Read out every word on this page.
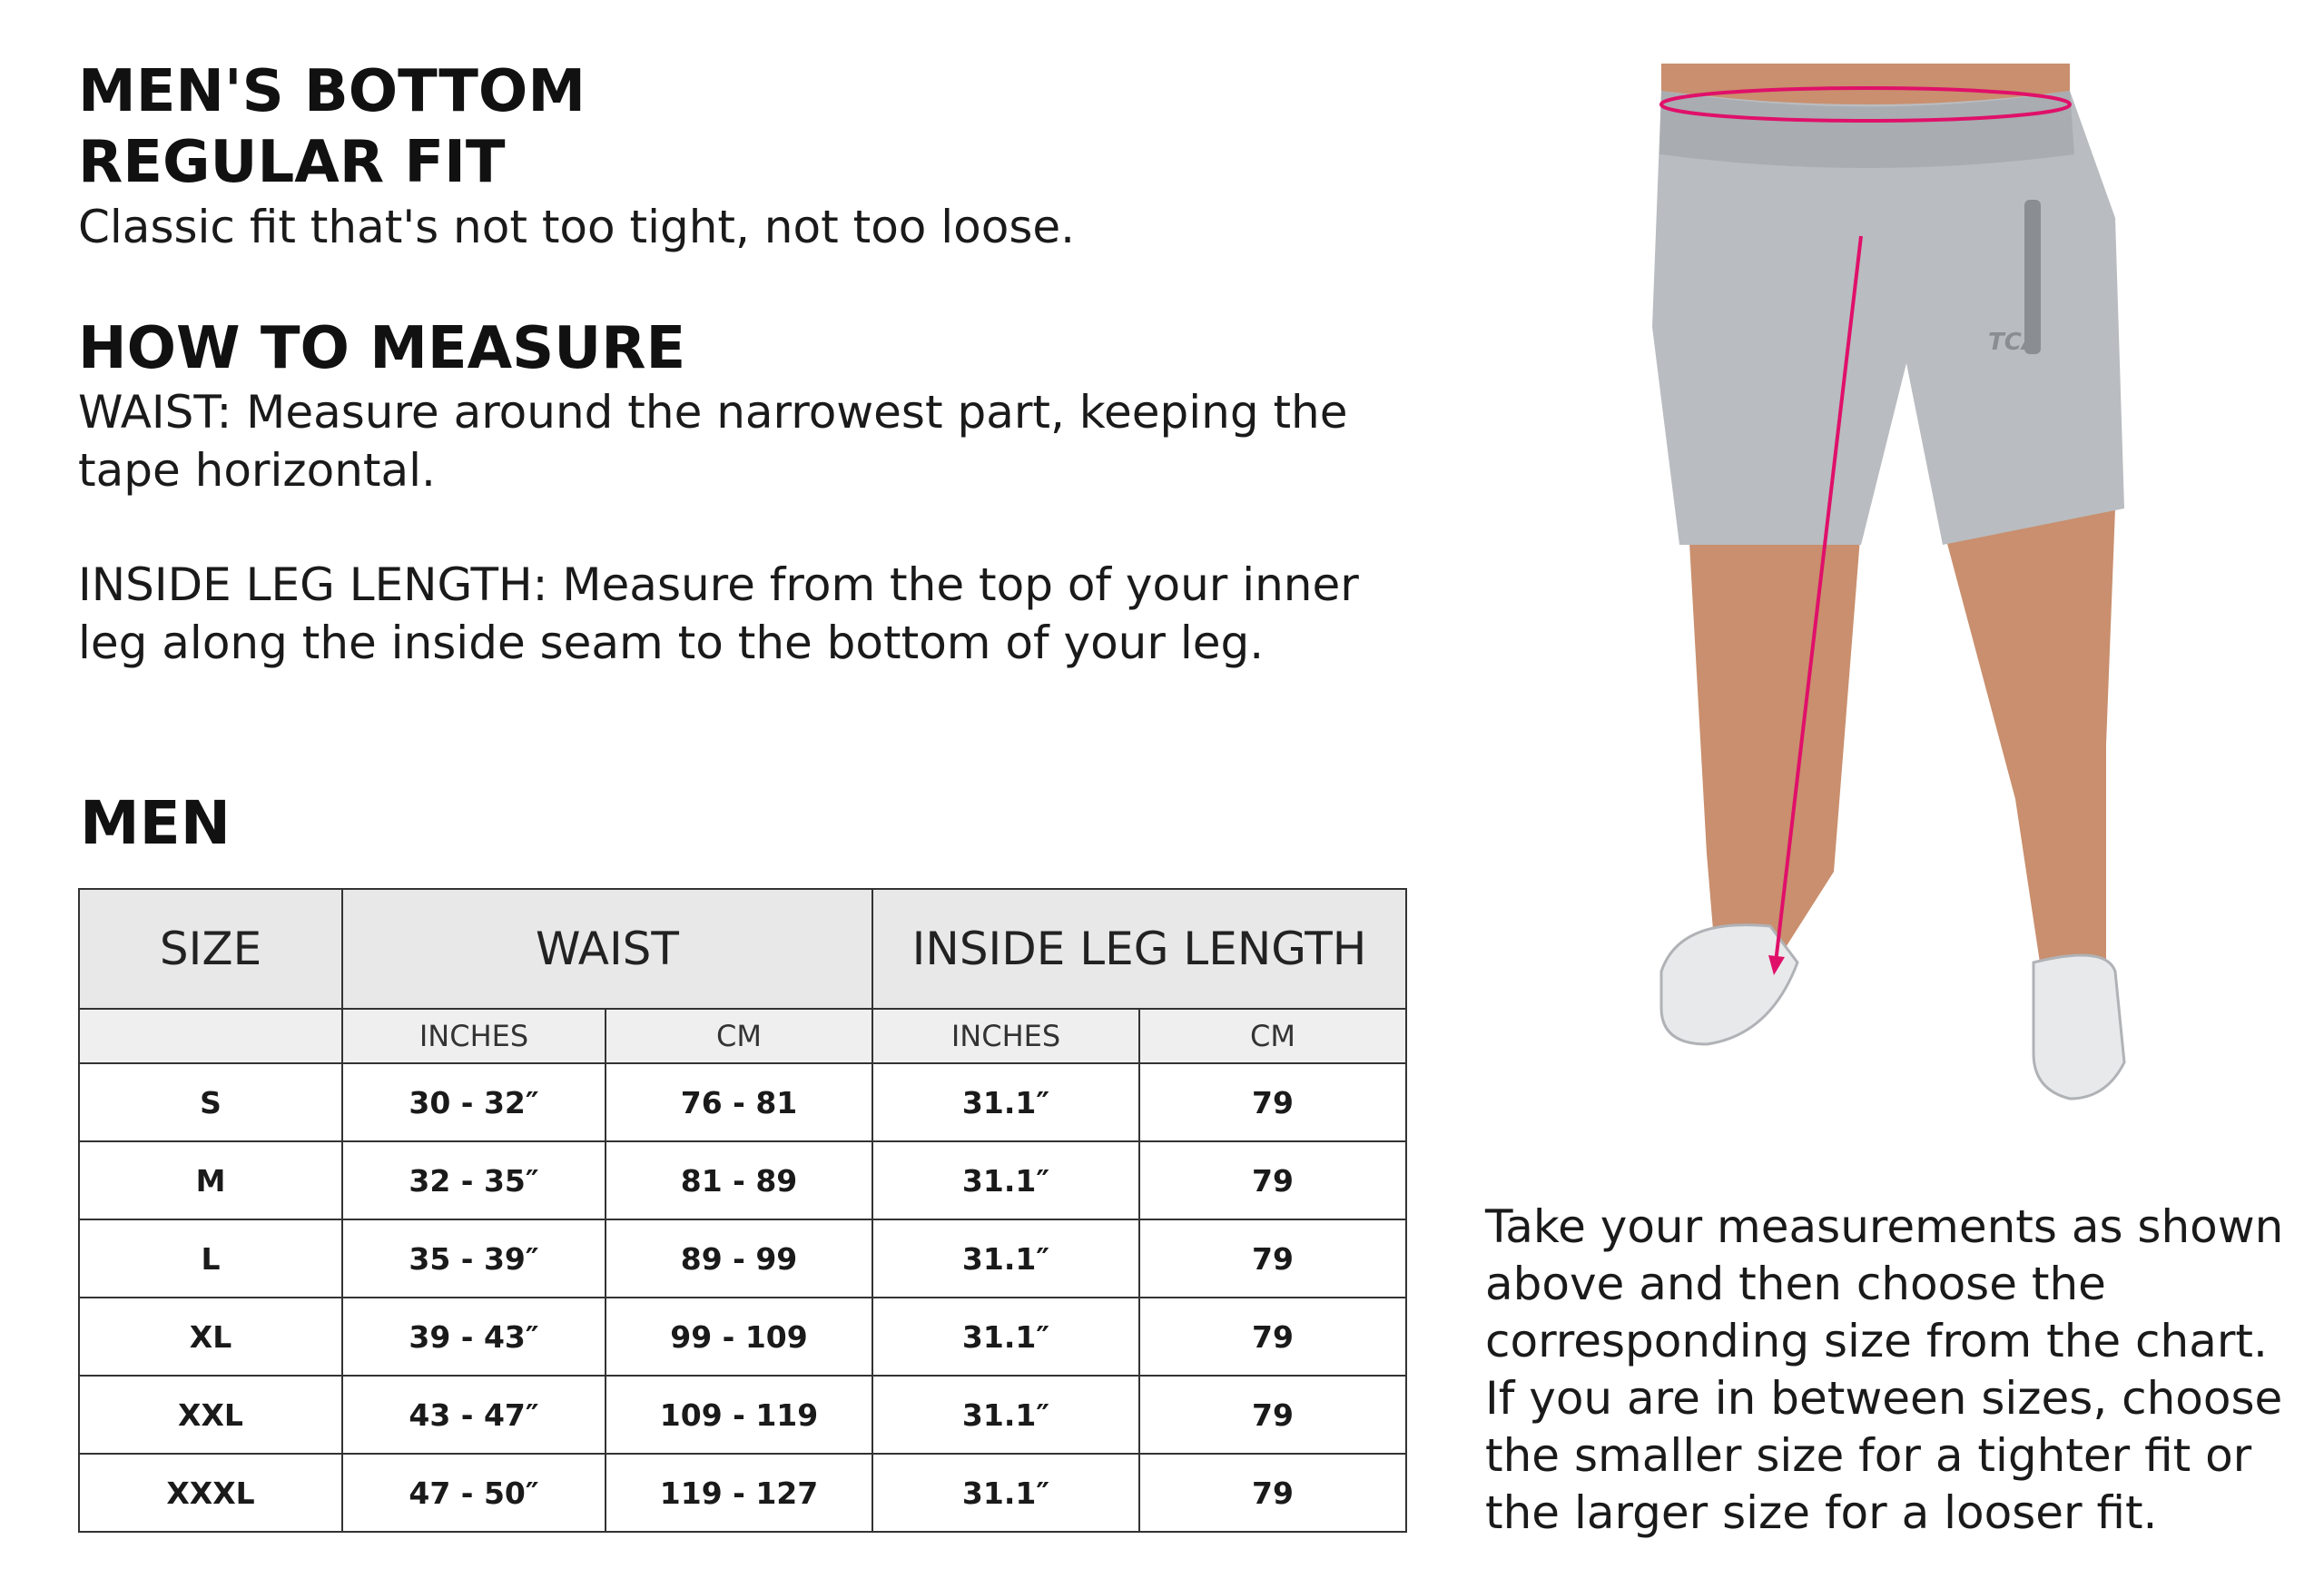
MEN'S BOTTOM
REGULAR FIT

Classic fit that's not too tight, not too loose.

HOW TO MEASURE

WAIST: Measure around the narrowest part, keeping the tape horizontal.

INSIDE LEG LENGTH: Measure from the top of your inner leg along the inside seam to the bottom of your leg.

MEN
SIZE	WAIST		INSIDE LEG LENGTH	
	INCHES	CM	INCHES	CM
S	30 - 32″	76 - 81	31.1″	79
M	32 - 35″	81 - 89	31.1″	79
L	35 - 39″	89 - 99	31.1″	79
XL	39 - 43″	99 - 109	31.1″	79
XXL	43 - 47″	109 - 119	31.1″	79
XXXL	47 - 50″	119 - 127	31.1″	79
TCA

Take your measurements as shown above and then choose the corresponding size from the chart. If you are in between sizes, choose the smaller size for a tighter fit or the larger size for a looser fit.
